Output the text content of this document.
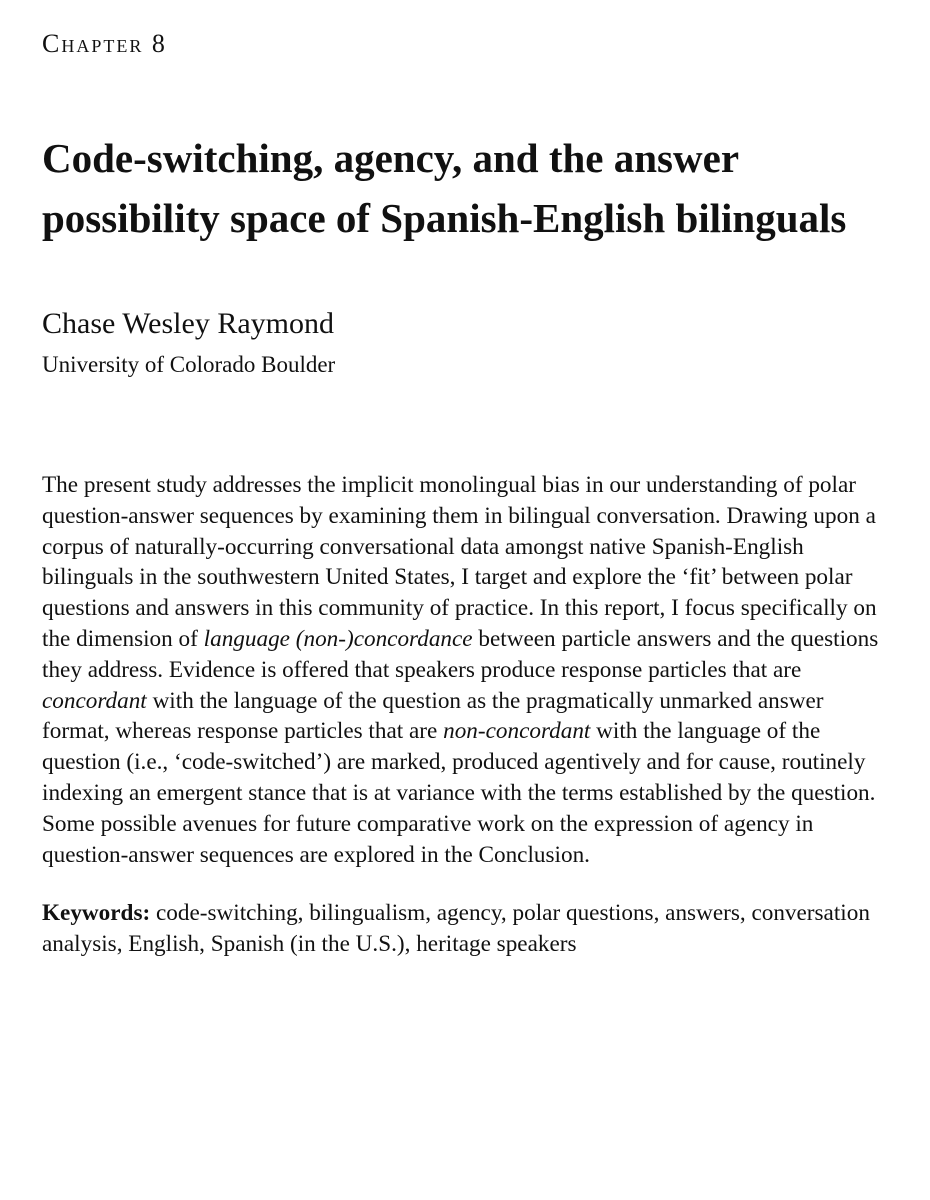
Chapter 8

Code-switching, agency, and the answer possibility space of Spanish-English bilinguals

Chase Wesley Raymond

University of Colorado Boulder

The present study addresses the implicit monolingual bias in our understanding of polar question-answer sequences by examining them in bilingual conversation. Drawing upon a corpus of naturally-occurring conversational data amongst native Spanish-English bilinguals in the southwestern United States, I target and explore the ‘fit’ between polar questions and answers in this community of practice. In this report, I focus specifically on the dimension of language (non-)concordance between particle answers and the questions they address. Evidence is offered that speakers produce response particles that are concordant with the language of the question as the pragmatically unmarked answer format, whereas response particles that are non-concordant with the language of the question (i.e., ‘code-switched’) are marked, produced agentively and for cause, routinely indexing an emergent stance that is at variance with the terms established by the question. Some possible avenues for future comparative work on the expression of agency in question-answer sequences are explored in the Conclusion.

Keywords: code-switching, bilingualism, agency, polar questions, answers, conversation analysis, English, Spanish (in the U.S.), heritage speakers
